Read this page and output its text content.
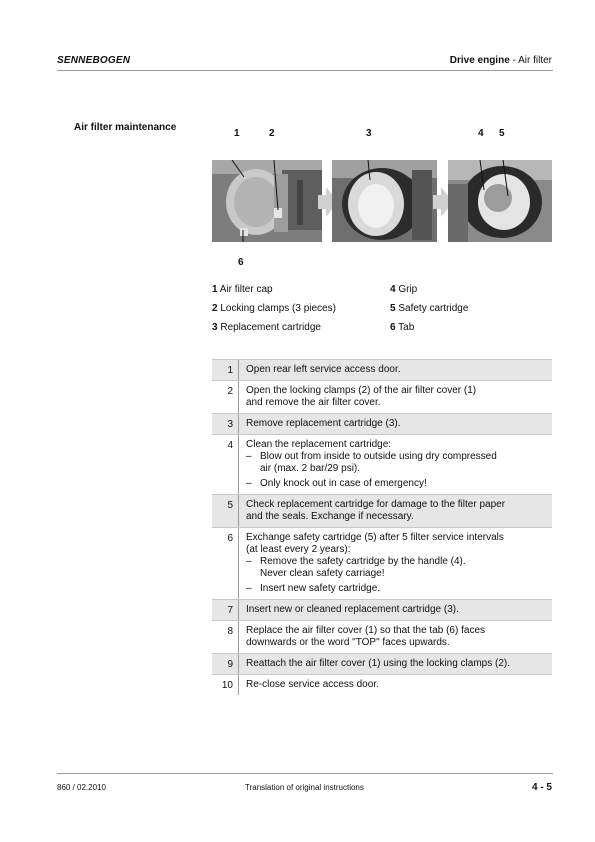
SENNEBOGEN	Drive engine - Air filter
Air filter maintenance
1	2	3	4 5
6
1 Air filter cap
2 Locking clamps (3 pieces)
3 Replacement cartridge
4 Grip
5 Safety cartridge
6 Tab
1	Open rear left service access door.
2	Open the locking clamps (2) of the air filter cover (1)
and remove the air filter cover.
3	Remove replacement cartridge (3).
4	Clean the replacement cartridge:
– Blow out from inside to outside using dry compressed
air (max. 2 bar/29 psi).
– Only knock out in case of emergency!
5	Check replacement cartridge for damage to the filter paper
and the seals. Exchange if necessary.
6	Exchange safety cartridge (5) after 5 filter service intervals
(at least every 2 years):
– Remove the safety cartridge by the handle (4).
Never clean safety carriage!
– Insert new safety cartridge.
7	Insert new or cleaned replacement cartridge (3).
8	Replace the air filter cover (1) so that the tab (6) faces
downwards or the word "TOP" faces upwards.
9	Reattach the air filter cover (1) using the locking clamps (2).
10	Re-close service access door.
860 / 02.2010	Translation of original instructions	4 - 5
